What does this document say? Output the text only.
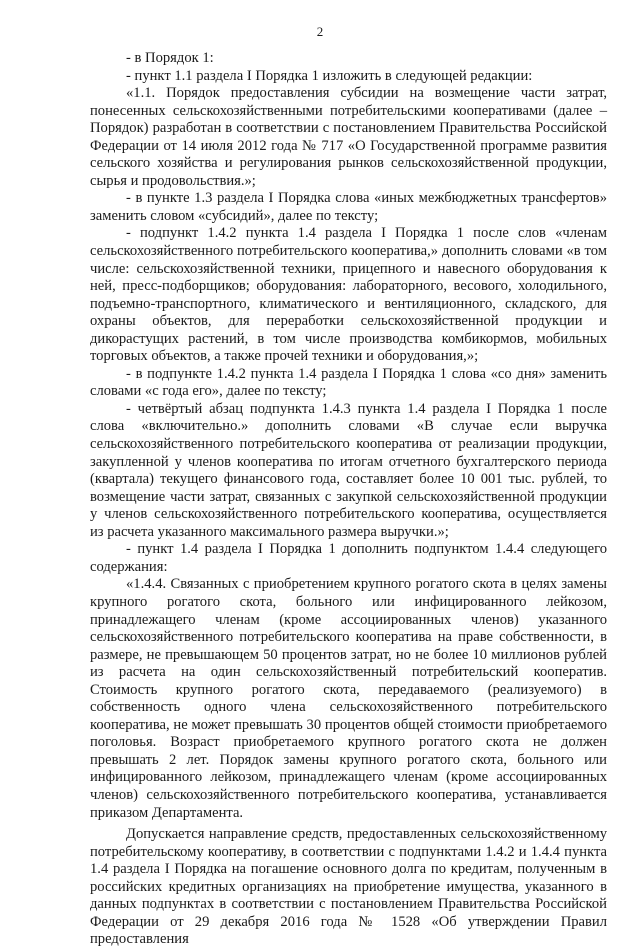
2

- в Порядок 1:

- пункт 1.1 раздела I Порядка 1 изложить в следующей редакции:

«1.1. Порядок предоставления субсидии на возмещение части затрат, понесенных сельскохозяйственными потребительскими кооперативами (далее – Порядок) разработан в соответствии с постановлением Правительства Российской Федерации от 14 июля 2012 года № 717 «О Государственной программе развития сельского хозяйства и регулирования рынков сельскохозяйственной продукции, сырья и продовольствия.»;

- в пункте 1.3 раздела I Порядка слова «иных межбюджетных трансфертов» заменить словом «субсидий», далее по тексту;

- подпункт 1.4.2 пункта 1.4 раздела I Порядка 1 после слов «членам сельскохозяйственного потребительского кооператива,» дополнить словами «в том числе: сельскохозяйственной техники, прицепного и навесного оборудования к ней, пресс-подборщиков; оборудования: лабораторного, весового, холодильного, подъемно-транспортного, климатического и вентиляционного, складского, для охраны объектов, для переработки сельскохозяйственной продукции и дикорастущих растений, в том числе производства комбикормов, мобильных торговых объектов, а также прочей техники и оборудования,»;

- в подпункте 1.4.2 пункта 1.4 раздела I Порядка 1 слова «со дня» заменить словами «с года его», далее по тексту;

- четвёртый абзац подпункта 1.4.3 пункта 1.4 раздела I Порядка 1 после слова «включительно.» дополнить словами «В случае если выручка сельскохозяйственного потребительского кооператива от реализации продукции, закупленной у членов кооператива по итогам отчетного бухгалтерского периода (квартала) текущего финансового года, составляет более 10 001 тыс. рублей, то возмещение части затрат, связанных с закупкой сельскохозяйственной продукции у членов сельскохозяйственного потребительского кооператива, осуществляется из расчета указанного максимального размера выручки.»;

- пункт 1.4 раздела I Порядка 1 дополнить подпунктом 1.4.4 следующего содержания:

«1.4.4. Связанных с приобретением крупного рогатого скота в целях замены крупного рогатого скота, больного или инфицированного лейкозом, принадлежащего членам (кроме ассоциированных членов) указанного сельскохозяйственного потребительского кооператива на праве собственности, в размере, не превышающем 50 процентов затрат, но не более 10 миллионов рублей из расчета на один сельскохозяйственный потребительский кооператив. Стоимость крупного рогатого скота, передаваемого (реализуемого) в собственность одного члена сельскохозяйственного потребительского кооператива, не может превышать 30 процентов общей стоимости приобретаемого поголовья. Возраст приобретаемого крупного рогатого скота не должен превышать 2 лет. Порядок замены крупного рогатого скота, больного или инфицированного лейкозом, принадлежащего членам (кроме ассоциированных членов) сельскохозяйственного потребительского кооператива, устанавливается приказом Департамента.

Допускается направление средств, предоставленных сельскохозяйственному потребительскому кооперативу, в соответствии с подпунктами 1.4.2 и 1.4.4 пункта 1.4 раздела I Порядка на погашение основного долга по кредитам, полученным в российских кредитных организациях на приобретение имущества, указанного в данных подпунктах в соответствии с постановлением Правительства Российской Федерации от 29 декабря 2016 года № 1528 «Об утверждении Правил предоставления
